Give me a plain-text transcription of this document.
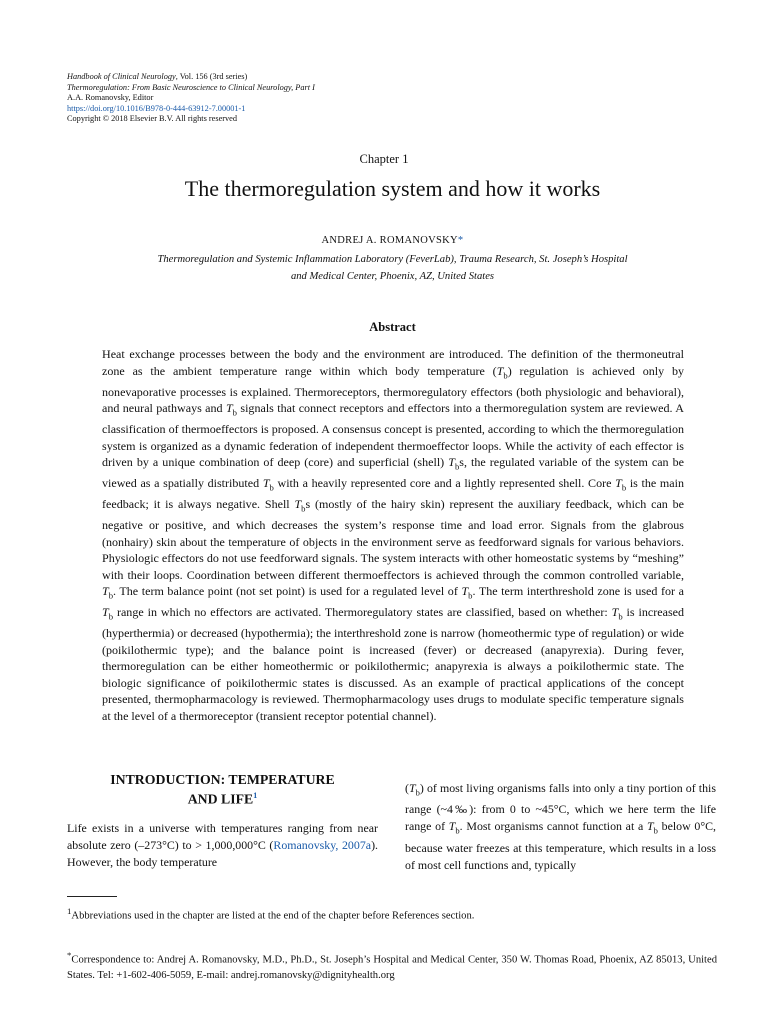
Handbook of Clinical Neurology, Vol. 156 (3rd series)
Thermoregulation: From Basic Neuroscience to Clinical Neurology, Part I
A.A. Romanovsky, Editor
https://doi.org/10.1016/B978-0-444-63912-7.00001-1
Copyright © 2018 Elsevier B.V. All rights reserved
Chapter 1
The thermoregulation system and how it works
ANDREJ A. ROMANOVSKY*
Thermoregulation and Systemic Inflammation Laboratory (FeverLab), Trauma Research, St. Joseph’s Hospital
and Medical Center, Phoenix, AZ, United States
Abstract

Heat exchange processes between the body and the environment are introduced. The definition of the thermoneutral zone as the ambient temperature range within which body temperature $(T_b)$ regulation is achieved only by nonevaporative processes is explained. Thermoreceptors, thermoregulatory effectors (both physiologic and behavioral), and neural pathways and $T_b$ signals that connect receptors and effectors into a thermoregulation system are reviewed. A classification of thermoeffectors is proposed. A consensus concept is presented, according to which the thermoregulation system is organized as a dynamic federation of independent thermoeffector loops. While the activity of each effector is driven by a unique combination of deep (core) and superficial (shell) $T_bs$, the regulated variable of the system can be viewed as a spatially distributed $T_b$ with a heavily represented core and a lightly represented shell. Core $T_b$ is the main feedback; it is always negative. Shell $T_bs$ (mostly of the hairy skin) represent the auxiliary feedback, which can be negative or positive, and which decreases the system’s response time and load error. Signals from the glabrous (nonhairy) skin about the temperature of objects in the environment serve as feedforward signals for various behaviors. Physiologic effectors do not use feedforward signals. The system interacts with other homeostatic systems by “meshing” with their loops. Coordination between different thermoeffectors is achieved through the common controlled variable, $T_b$. The term balance point (not set point) is used for a regulated level of $T_b$. The term interthreshold zone is used for a $T_b$ range in which no effectors are activated. Thermoregulatory states are classified, based on whether: $T_b$ is increased (hyperthermia) or decreased (hypothermia); the interthreshold zone is narrow (homeothermic type of regulation) or wide (poikilothermic type); and the balance point is increased (fever) or decreased (anapyrexia). During fever, thermoregulation can be either homeothermic or poikilothermic; anapyrexia is always a poikilothermic state. The biologic significance of poikilothermic states is discussed. As an example of practical applications of the concept presented, thermopharmacology is reviewed. Thermopharmacology uses drugs to modulate specific temperature signals at the level of a thermoreceptor (transient receptor potential channel).

INTRODUCTION: TEMPERATURE
AND LIFE$^1$

Life exists in a universe with temperatures ranging from near absolute zero (–273°C) to > 1,000,000°C (Romanovsky, 2007a). However, the body temperature

$(T_b)$ of most living organisms falls into only a tiny portion of this range (~4‰): from 0 to ~45°C, which we here term the life range of $T_b$. Most organisms cannot function at a $T_b$ below 0°C, because water freezes at this temperature, which results in a loss of most cell functions and, typically

$^1$Abbreviations used in the chapter are listed at the end of the chapter before References section.
*Correspondence to: Andrej A. Romanovsky, M.D., Ph.D., St. Joseph’s Hospital and Medical Center, 350 W. Thomas Road, Phoenix, AZ 85013, United States. Tel: +1-602-406-5059, E-mail: andrej.romanovsky@dignityhealth.org
